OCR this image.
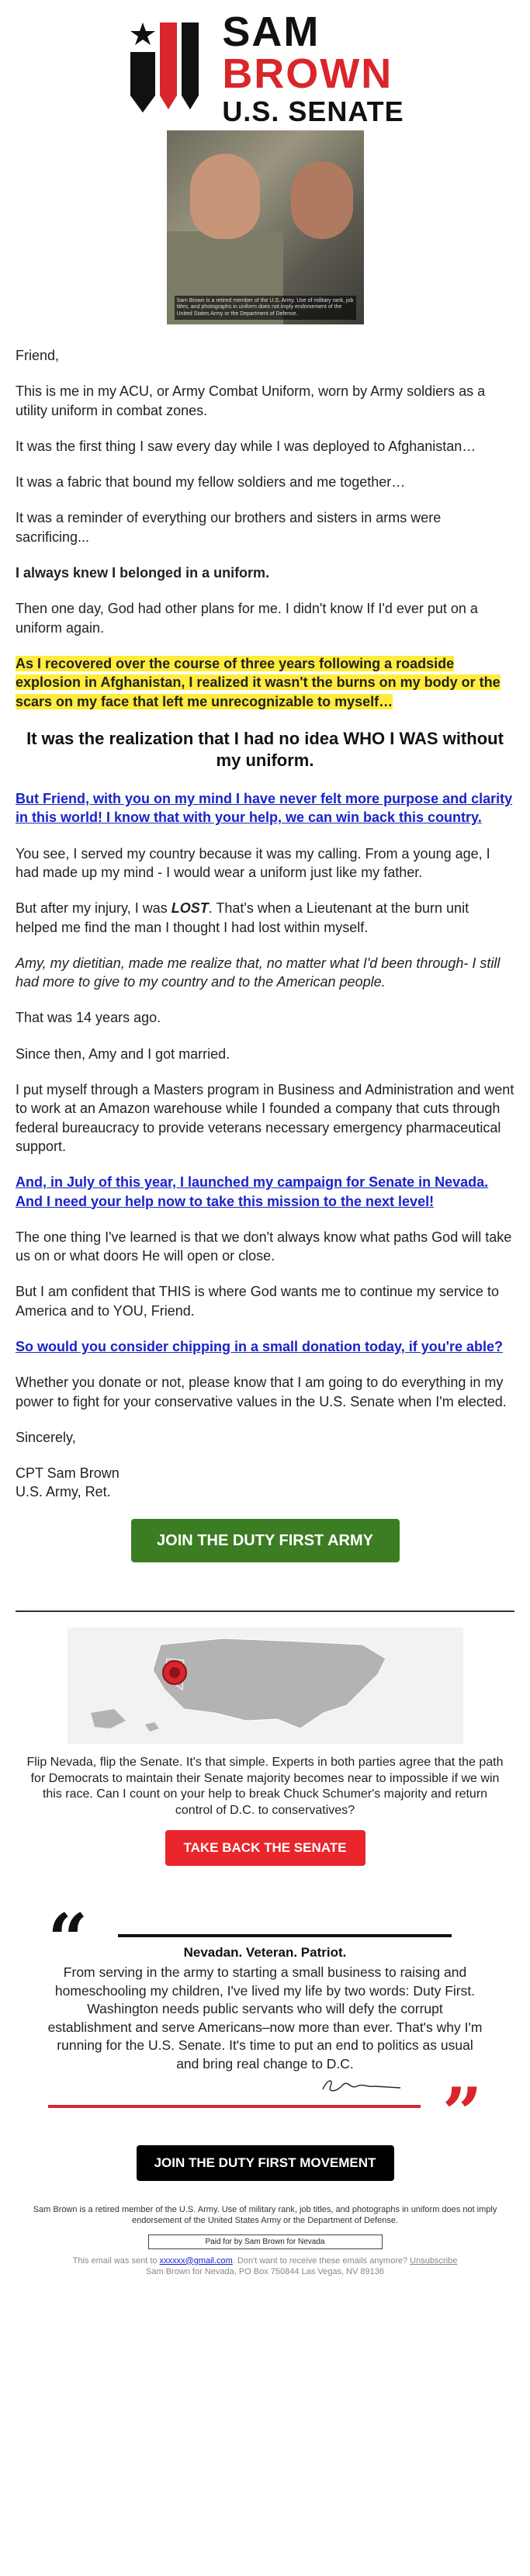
SAM
BROWN
U.S. SENATE
Sam Brown is a retired member of the U.S. Army. Use of military rank, job titles, and photographs in uniform does not imply endorsement of the United States Army or the Department of Defense.

Friend,

This is me in my ACU, or Army Combat Uniform, worn by Army soldiers as a utility uniform in combat zones.

It was the first thing I saw every day while I was deployed to Afghanistan…

It was a fabric that bound my fellow soldiers and me together…

It was a reminder of everything our brothers and sisters in arms were sacrificing...

I always knew I belonged in a uniform.

Then one day, God had other plans for me. I didn't know If I'd ever put on a uniform again.

As I recovered over the course of three years following a roadside explosion in Afghanistan, I realized it wasn't the burns on my body or the scars on my face that left me unrecognizable to myself…

It was the realization that I had no idea WHO I WAS without my uniform.

But Friend, with you on my mind I have never felt more purpose and clarity in this world! I know that with your help, we can win back this country.

You see, I served my country because it was my calling. From a young age, I had made up my mind - I would wear a uniform just like my father.

But after my injury, I was LOST. That's when a Lieutenant at the burn unit helped me find the man I thought I had lost within myself.

Amy, my dietitian, made me realize that, no matter what I'd been through- I still had more to give to my country and to the American people.

That was 14 years ago.

Since then, Amy and I got married.

I put myself through a Masters program in Business and Administration and went to work at an Amazon warehouse while I founded a company that cuts through federal bureaucracy to provide veterans necessary emergency pharmaceutical support.

And, in July of this year, I launched my campaign for Senate in Nevada. And I need your help now to take this mission to the next level!

The one thing I've learned is that we don't always know what paths God will take us on or what doors He will open or close.

But I am confident that THIS is where God wants me to continue my service to America and to YOU, Friend.

So would you consider chipping in a small donation today, if you're able?

Whether you donate or not, please know that I am going to do everything in my power to fight for your conservative values in the U.S. Senate when I'm elected.

Sincerely,

CPT Sam Brown

U.S. Army, Ret.

JOIN THE DUTY FIRST ARMY
Flip Nevada, flip the Senate. It's that simple. Experts in both parties agree that the path for Democrats to maintain their Senate majority becomes near to impossible if we win this race. Can I count on your help to break Chuck Schumer's majority and return control of D.C. to conservatives?
TAKE BACK THE SENATE
“	Nevadan. Veteran. Patriot.
From serving in the army to starting a small business to raising and homeschooling my children, I've lived my life by two words: Duty First. Washington needs public servants who will defy the corrupt establishment and serve Americans–now more than ever. That's why I'm running for the U.S. Senate. It's time to put an end to politics as usual and bring real change to D.C.
”
JOIN THE DUTY FIRST MOVEMENT
Sam Brown is a retired member of the U.S. Army. Use of military rank, job titles, and photographs in uniform does not imply endorsement of the United States Army or the Department of Defense.
Paid for by Sam Brown for Nevada
This email was sent to xxxxxx@gmail.com. Don't want to receive these emails anymore? Unsubscribe
Sam Brown for Nevada, PO Box 750844 Las Vegas, NV 89136
